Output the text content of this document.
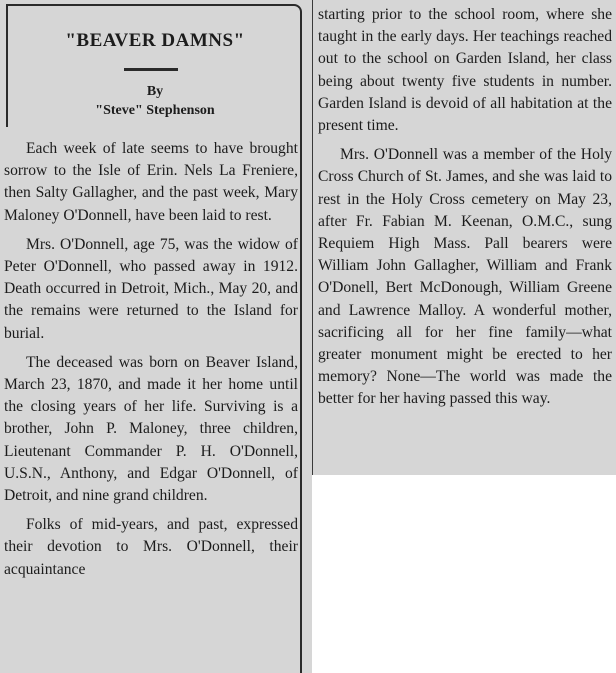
"BEAVER DAMNS"
By
"Steve" Stephenson

Each week of late seems to have brought sorrow to the Isle of Erin. Nels La Freniere, then Salty Gallagher, and the past week, Mary Maloney O'Donnell, have been laid to rest.

Mrs. O'Donnell, age 75, was the widow of Peter O'Donnell, who passed away in 1912. Death occurred in Detroit, Mich., May 20, and the remains were returned to the Island for burial.

The deceased was born on Beaver Island, March 23, 1870, and made it her home until the closing years of her life. Surviving is a brother, John P. Maloney, three children, Lieutenant Commander P. H. O'Donnell, U.S.N., Anthony, and Edgar O'Donnell, of Detroit, and nine grand children.

Folks of mid-years, and past, expressed their devotion to Mrs. O'Donnell, their acquaintance

starting prior to the school room, where she taught in the early days. Her teachings reached out to the school on Garden Island, her class being about twenty five students in number. Garden Island is devoid of all habitation at the present time.

Mrs. O'Donnell was a member of the Holy Cross Church of St. James, and she was laid to rest in the Holy Cross cemetery on May 23, after Fr. Fabian M. Keenan, O.M.C., sung Requiem High Mass. Pall bearers were William John Gallagher, William and Frank O'Donell, Bert McDonough, William Greene and Lawrence Malloy. A wonderful mother, sacrificing all for her fine family—what greater monument might be erected to her memory? None—The world was made the better for her having passed this way.
